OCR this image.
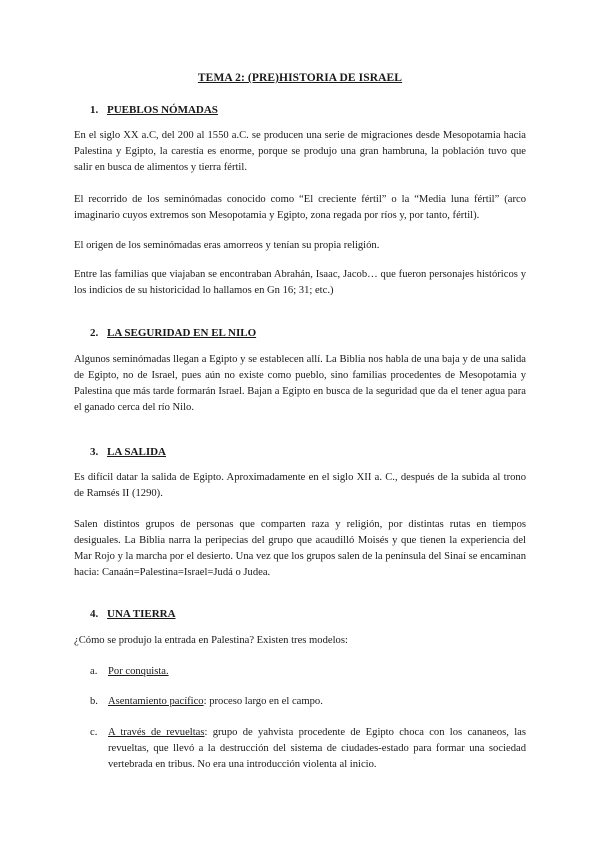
TEMA 2: (PRE)HISTORIA DE ISRAEL
1. PUEBLOS NÓMADAS

En el siglo XX a.C, del 200 al 1550 a.C. se producen una serie de migraciones desde Mesopotamia hacia Palestina y Egipto, la carestía es enorme, porque se produjo una gran hambruna, la población tuvo que salir en busca de alimentos y tierra fértil.

El recorrido de los seminómadas conocido como “El creciente fértil” o la “Media luna fértil” (arco imaginario cuyos extremos son Mesopotamia y Egipto, zona regada por ríos y, por tanto, fértil).

El origen de los seminómadas eras amorreos y tenían su propia religión.

Entre las familias que viajaban se encontraban Abrahán, Isaac, Jacob… que fueron personajes históricos y los indicios de su historicidad lo hallamos en Gn 16; 31; etc.)

2. LA SEGURIDAD EN EL NILO

Algunos seminómadas llegan a Egipto y se establecen allí. La Biblia nos habla de una baja y de una salida de Egipto, no de Israel, pues aún no existe como pueblo, sino familias procedentes de Mesopotamia y Palestina que más tarde formarán Israel. Bajan a Egipto en busca de la seguridad que da el tener agua para el ganado cerca del río Nilo.

3. LA SALIDA

Es difícil datar la salida de Egipto. Aproximadamente en el siglo XII a. C., después de la subida al trono de Ramsés II (1290).

Salen distintos grupos de personas que comparten raza y religión, por distintas rutas en tiempos desiguales. La Biblia narra la peripecias del grupo que acaudilló Moisés y que tienen la experiencia del Mar Rojo y la marcha por el desierto. Una vez que los grupos salen de la península del Sinaí se encaminan hacia: Canaán=Palestina=Israel=Judá o Judea.

4. UNA TIERRA

¿Cómo se produjo la entrada en Palestina? Existen tres modelos:

a.	Por conquista.
b. Asentamiento pacífico: proceso largo en el campo.
c.	A través de revueltas: grupo de yahvista procedente de Egipto choca con los cananeos, las revueltas, que llevó a la destrucción del sistema de ciudades-estado para formar una sociedad vertebrada en tribus. No era una introducción violenta al inicio.
